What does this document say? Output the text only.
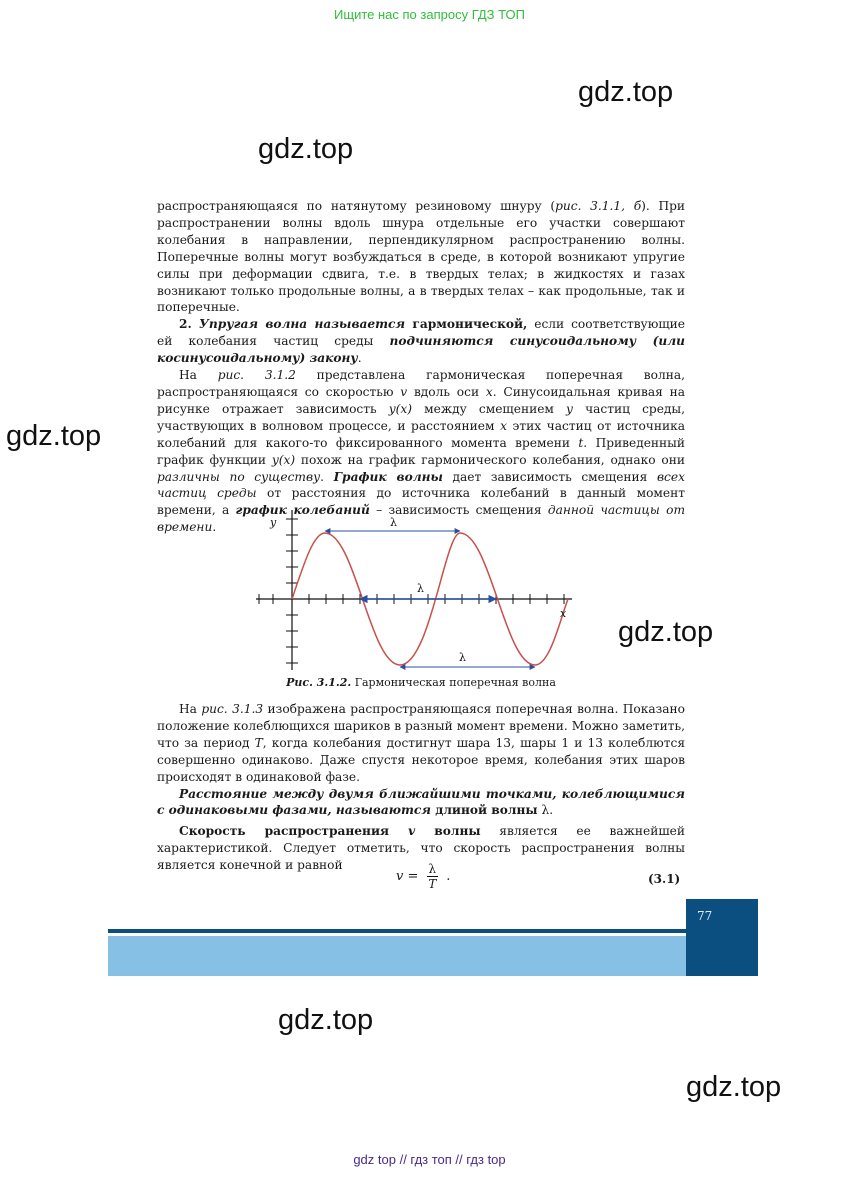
Ищите нас по запросу ГДЗ ТОП
gdz.top
gdz.top
gdz.top
gdz.top
gdz.top
gdz.top

распространяющаяся по натянутому резиновому шнуру (рис. 3.1.1, б). При распространении волны вдоль шнура отдельные его участки совершают колебания в направлении, перпендикулярном распространению волны. Поперечные волны могут возбуждаться в среде, в которой возникают упругие силы при деформации сдвига, т.е. в твердых телах; в жидкостях и газах возникают только продольные волны, а в твердых телах – как продольные, так и поперечные.

2. Упругая волна называется гармонической, если соответствующие ей колебания частиц среды подчиняются синусоидальному (или косинусоидальному) закону.

На рис. 3.1.2 представлена гармоническая поперечная волна, распространяющаяся со скоростью v вдоль оси x. Синусоидальная кривая на рисунке отражает зависимость y(x) между смещением y частиц среды, участвующих в волновом процессе, и расстоянием x этих частиц от источника колебаний для какого-то фиксированного момента времени t. Приведенный график функции y(x) похож на график гармонического колебания, однако они различны по существу. График волны дает зависимость смещения всех частиц среды от расстояния до источника колебаний в данный момент времени, а график колебаний – зависимость смещения данной частицы от времени.	y
x
λ
λ
λ
Рис. 3.1.2. Гармоническая поперечная волна

На рис. 3.1.3 изображена распространяющаяся поперечная волна. Показано положение колеблющихся шариков в разный момент времени. Можно заметить, что за период T, когда колебания достигнут шара 13, шары 1 и 13 колеблются совершенно одинаково. Даже спустя некоторое время, колебания этих шаров происходят в одинаковой фазе.

Расстояние между двумя ближайшими точками, колеблющимися с одинаковыми фазами, называются длиной волны λ.

Скорость распространения v волны является ее важнейшей характеристикой. Следует отметить, что скорость распространения волны является конечной и равной

$v = \frac{\lambda}{T}$ .	(3.1)
77
gdz top // гдз топ // гдз top
